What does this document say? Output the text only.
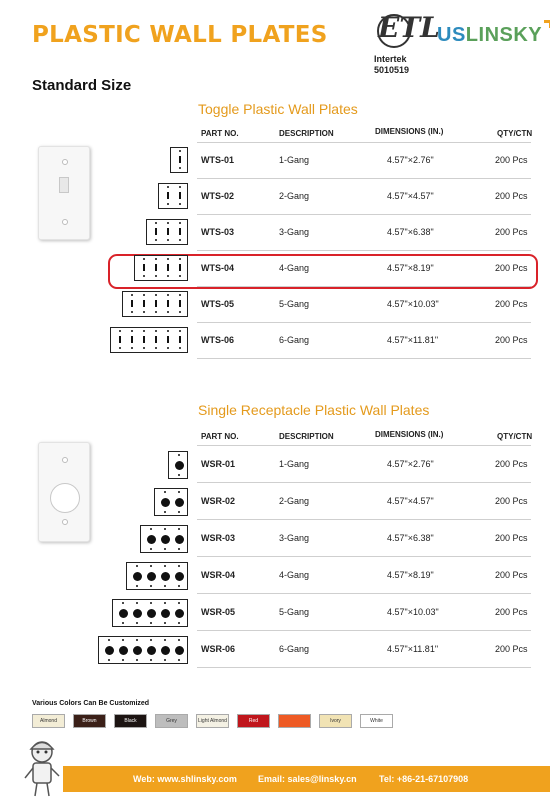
PLASTIC WALL PLATES ETL
Intertek
5010519
USLINSKY
Standard Size
Toggle Plastic Wall Plates
PART NO.	DESCRIPTION	DIMENSIONS (IN.)	QTY/CTN
WTS-01	1-Gang	4.57"×2.76"	200 Pcs
WTS-02	2-Gang	4.57"×4.57"	200 Pcs
WTS-03	3-Gang	4.57"×6.38"	200 Pcs
WTS-04	4-Gang	4.57"×8.19"	200 Pcs
WTS-05	5-Gang	4.57"×10.03"	200 Pcs
WTS-06	6-Gang	4.57"×11.81"	200 Pcs
Single Receptacle Plastic Wall Plates
PART NO.	DESCRIPTION	DIMENSIONS (IN.)	QTY/CTN
WSR-01	1-Gang	4.57"×2.76"	200 Pcs
WSR-02	2-Gang	4.57"×4.57"	200 Pcs
WSR-03	3-Gang	4.57"×6.38"	200 Pcs
WSR-04	4-Gang	4.57"×8.19"	200 Pcs
WSR-05	5-Gang	4.57"×10.03"	200 Pcs
WSR-06	6-Gang	4.57"×11.81"	200 Pcs
Various Colors Can Be Customized
Almond	Brown	Black	Grey	Light Almond	Red	Ivory	White
Web: www.shlinsky.com Email: sales@linsky.cn Tel: +86-21-67107908
